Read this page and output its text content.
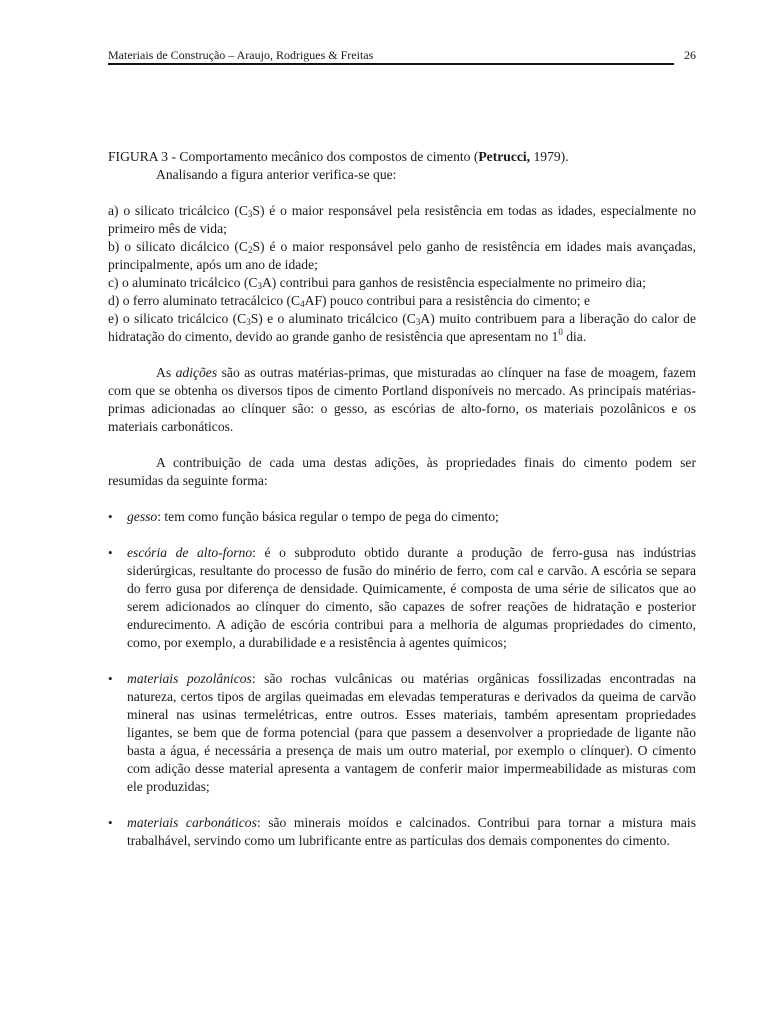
Materiais de Construção – Araujo, Rodrigues & Freitas	26

FIGURA 3 - Comportamento mecânico dos compostos de cimento (Petrucci, 1979).

Analisando a figura anterior verifica-se que:

a) o silicato tricálcico $(C_3S)$ é o maior responsável pela resistência em todas as idades, especialmente no primeiro mês de vida;

b) o silicato dicálcico $(C_2S)$ é o maior responsável pelo ganho de resistência em idades mais avançadas, principalmente, após um ano de idade;

c) o aluminato tricálcico $(C_3A)$ contribui para ganhos de resistência especialmente no primeiro dia;

d) o ferro aluminato tetracálcico $(C_4AF)$ pouco contribui para a resistência do cimento; e

e) o silicato tricálcico $(C_3S)$ e o aluminato tricálcico $(C_3A)$ muito contribuem para a liberação do calor de hidratação do cimento, devido ao grande ganho de resistência que apresentam no $1^0$ dia.

As adições são as outras matérias-primas, que misturadas ao clínquer na fase de moagem, fazem com que se obtenha os diversos tipos de cimento Portland disponíveis no mercado. As principais matérias-primas adicionadas ao clínquer são: o gesso, as escórias de alto-forno, os materiais pozolânicos e os materiais carbonáticos.

A contribuição de cada uma destas adições, às propriedades finais do cimento podem ser resumidas da seguinte forma:

• gesso: tem como função básica regular o tempo de pega do cimento;
• escória de alto-forno: é o subproduto obtido durante a produção de ferro-gusa nas indústrias siderúrgicas, resultante do processo de fusão do minério de ferro, com cal e carvão. A escória se separa do ferro gusa por diferença de densidade. Quimicamente, é composta de uma série de silicatos que ao serem adicionados ao clínquer do cimento, são capazes de sofrer reações de hidratação e posterior endurecimento. A adição de escória contribui para a melhoria de algumas propriedades do cimento, como, por exemplo, a durabilidade e a resistência à agentes químicos;
• materiais pozolânicos: são rochas vulcânicas ou matérias orgânicas fossilizadas encontradas na natureza, certos tipos de argilas queimadas em elevadas temperaturas e derivados da queima de carvão mineral nas usinas termelétricas, entre outros. Esses materiais, também apresentam propriedades ligantes, se bem que de forma potencial (para que passem a desenvolver a propriedade de ligante não basta a água, é necessária a presença de mais um outro material, por exemplo o clínquer). O cimento com adição desse material apresenta a vantagem de conferir maior impermeabilidade as misturas com ele produzidas;
• materiais carbonáticos: são minerais moídos e calcinados. Contribui para tornar a mistura mais trabalhável, servindo como um lubrificante entre as partículas dos demais componentes do cimento.
